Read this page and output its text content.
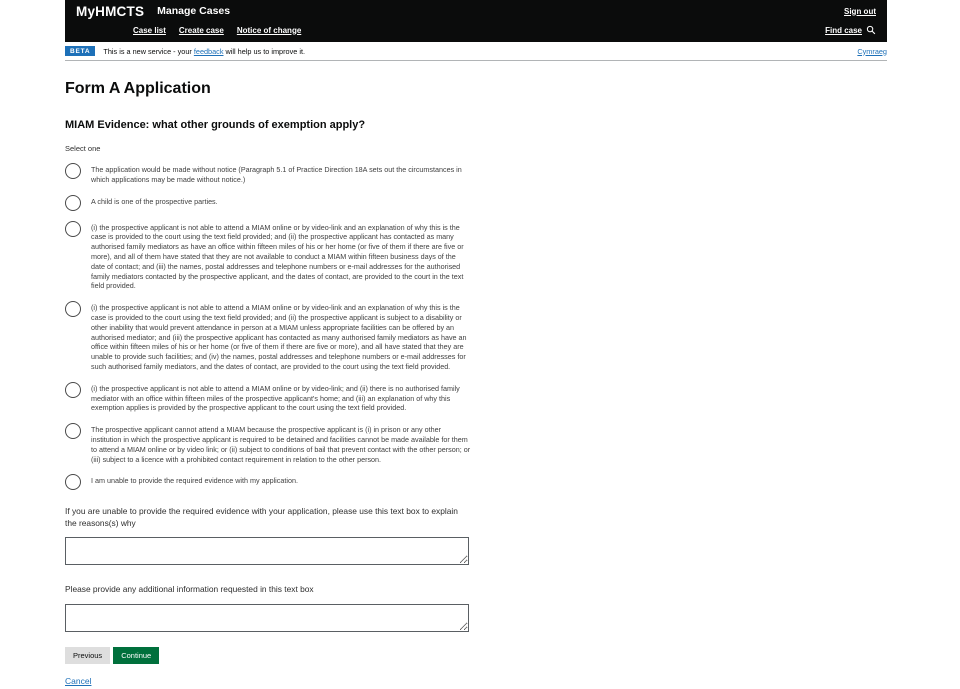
MyHMCTS Manage Cases	Sign out
Case list Create case Notice of change	Find case
BETA	This is a new service - your feedback will help us to improve it.	Cymraeg
Form A Application
MIAM Evidence: what other grounds of exemption apply?
Select one
The application would be made without notice (Paragraph 5.1 of Practice Direction 18A sets out the circumstances in which applications may be made without notice.)
A child is one of the prospective parties.
(i) the prospective applicant is not able to attend a MIAM online or by video-link and an explanation of why this is the case is provided to the court using the text field provided; and (ii) the prospective applicant has contacted as many authorised family mediators as have an office within fifteen miles of his or her home (or five of them if there are five or more), and all of them have stated that they are not available to conduct a MIAM within fifteen business days of the date of contact; and (iii) the names, postal addresses and telephone numbers or e-mail addresses for the authorised family mediators contacted by the prospective applicant, and the dates of contact, are provided to the court in the text field provided.
(i) the prospective applicant is not able to attend a MIAM online or by video-link and an explanation of why this is the case is provided to the court using the text field provided; and (ii) the prospective applicant is subject to a disability or other inability that would prevent attendance in person at a MIAM unless appropriate facilities can be offered by an authorised mediator; and (iii) the prospective applicant has contacted as many authorised family mediators as have an office within fifteen miles of his or her home (or five of them if there are five or more), and all have stated that they are unable to provide such facilities; and (iv) the names, postal addresses and telephone numbers or e-mail addresses for such authorised family mediators, and the dates of contact, are provided to the court using the text field provided.
(i) the prospective applicant is not able to attend a MIAM online or by video-link; and (ii) there is no authorised family mediator with an office within fifteen miles of the prospective applicant's home; and (iii) an explanation of why this exemption applies is provided by the prospective applicant to the court using the text field provided.
The prospective applicant cannot attend a MIAM because the prospective applicant is (i) in prison or any other institution in which the prospective applicant is required to be detained and facilities cannot be made available for them to attend a MIAM online or by video link; or (ii) subject to conditions of bail that prevent contact with the other person; or (iii) subject to a licence with a prohibited contact requirement in relation to the other person.
I am unable to provide the required evidence with my application.
If you are unable to provide the required evidence with your application, please use this text box to explain the reasons(s) why
Please provide any additional information requested in this text box
Previous	Continue
Cancel
